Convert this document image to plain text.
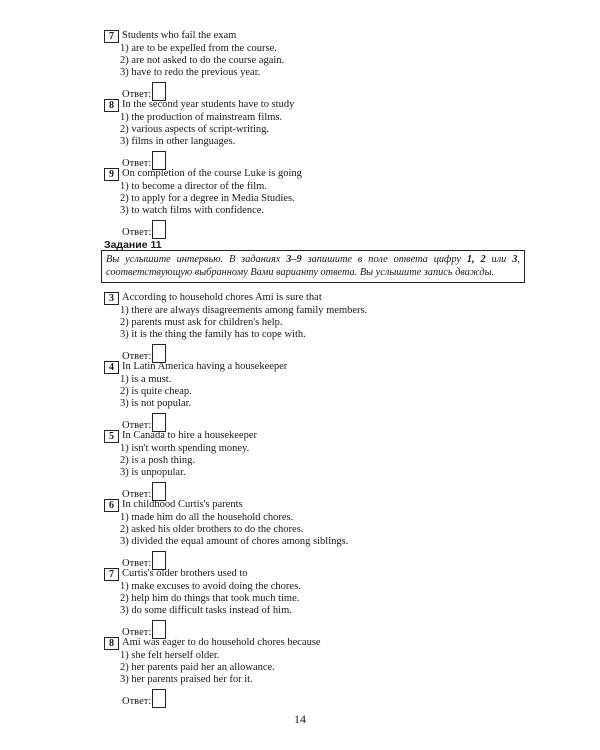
7 Students who fail the exam
1) are to be expelled from the course.
2) are not asked to do the course again.
3) have to redo the previous year.
Ответ:
8 In the second year students have to study
1) the production of mainstream films.
2) various aspects of script-writing.
3) films in other languages.
Ответ:
9 On completion of the course Luke is going
1) to become a director of the film.
2) to apply for a degree in Media Studies.
3) to watch films with confidence.
Ответ:
Задание 11
Вы услышите интервью. В заданиях 3–9 запишите в поле ответа цифру 1, 2 или 3, соответствующую выбранному Вами варианту ответа. Вы услышите запись дважды.
3 According to household chores Ami is sure that
1) there are always disagreements among family members.
2) parents must ask for children's help.
3) it is the thing the family has to cope with.
Ответ:
4 In Latin America having a housekeeper
1) is a must.
2) is quite cheap.
3) is not popular.
Ответ:
5 In Canada to hire a housekeeper
1) isn't worth spending money.
2) is a posh thing.
3) is unpopular.
Ответ:
6 In childhood Curtis's parents
1) made him do all the household chores.
2) asked his older brothers to do the chores.
3) divided the equal amount of chores among siblings.
Ответ:
7 Curtis's older brothers used to
1) make excuses to avoid doing the chores.
2) help him do things that took much time.
3) do some difficult tasks instead of him.
Ответ:
8 Ami was eager to do household chores because
1) she felt herself older.
2) her parents paid her an allowance.
3) her parents praised her for it.
Ответ:
14
